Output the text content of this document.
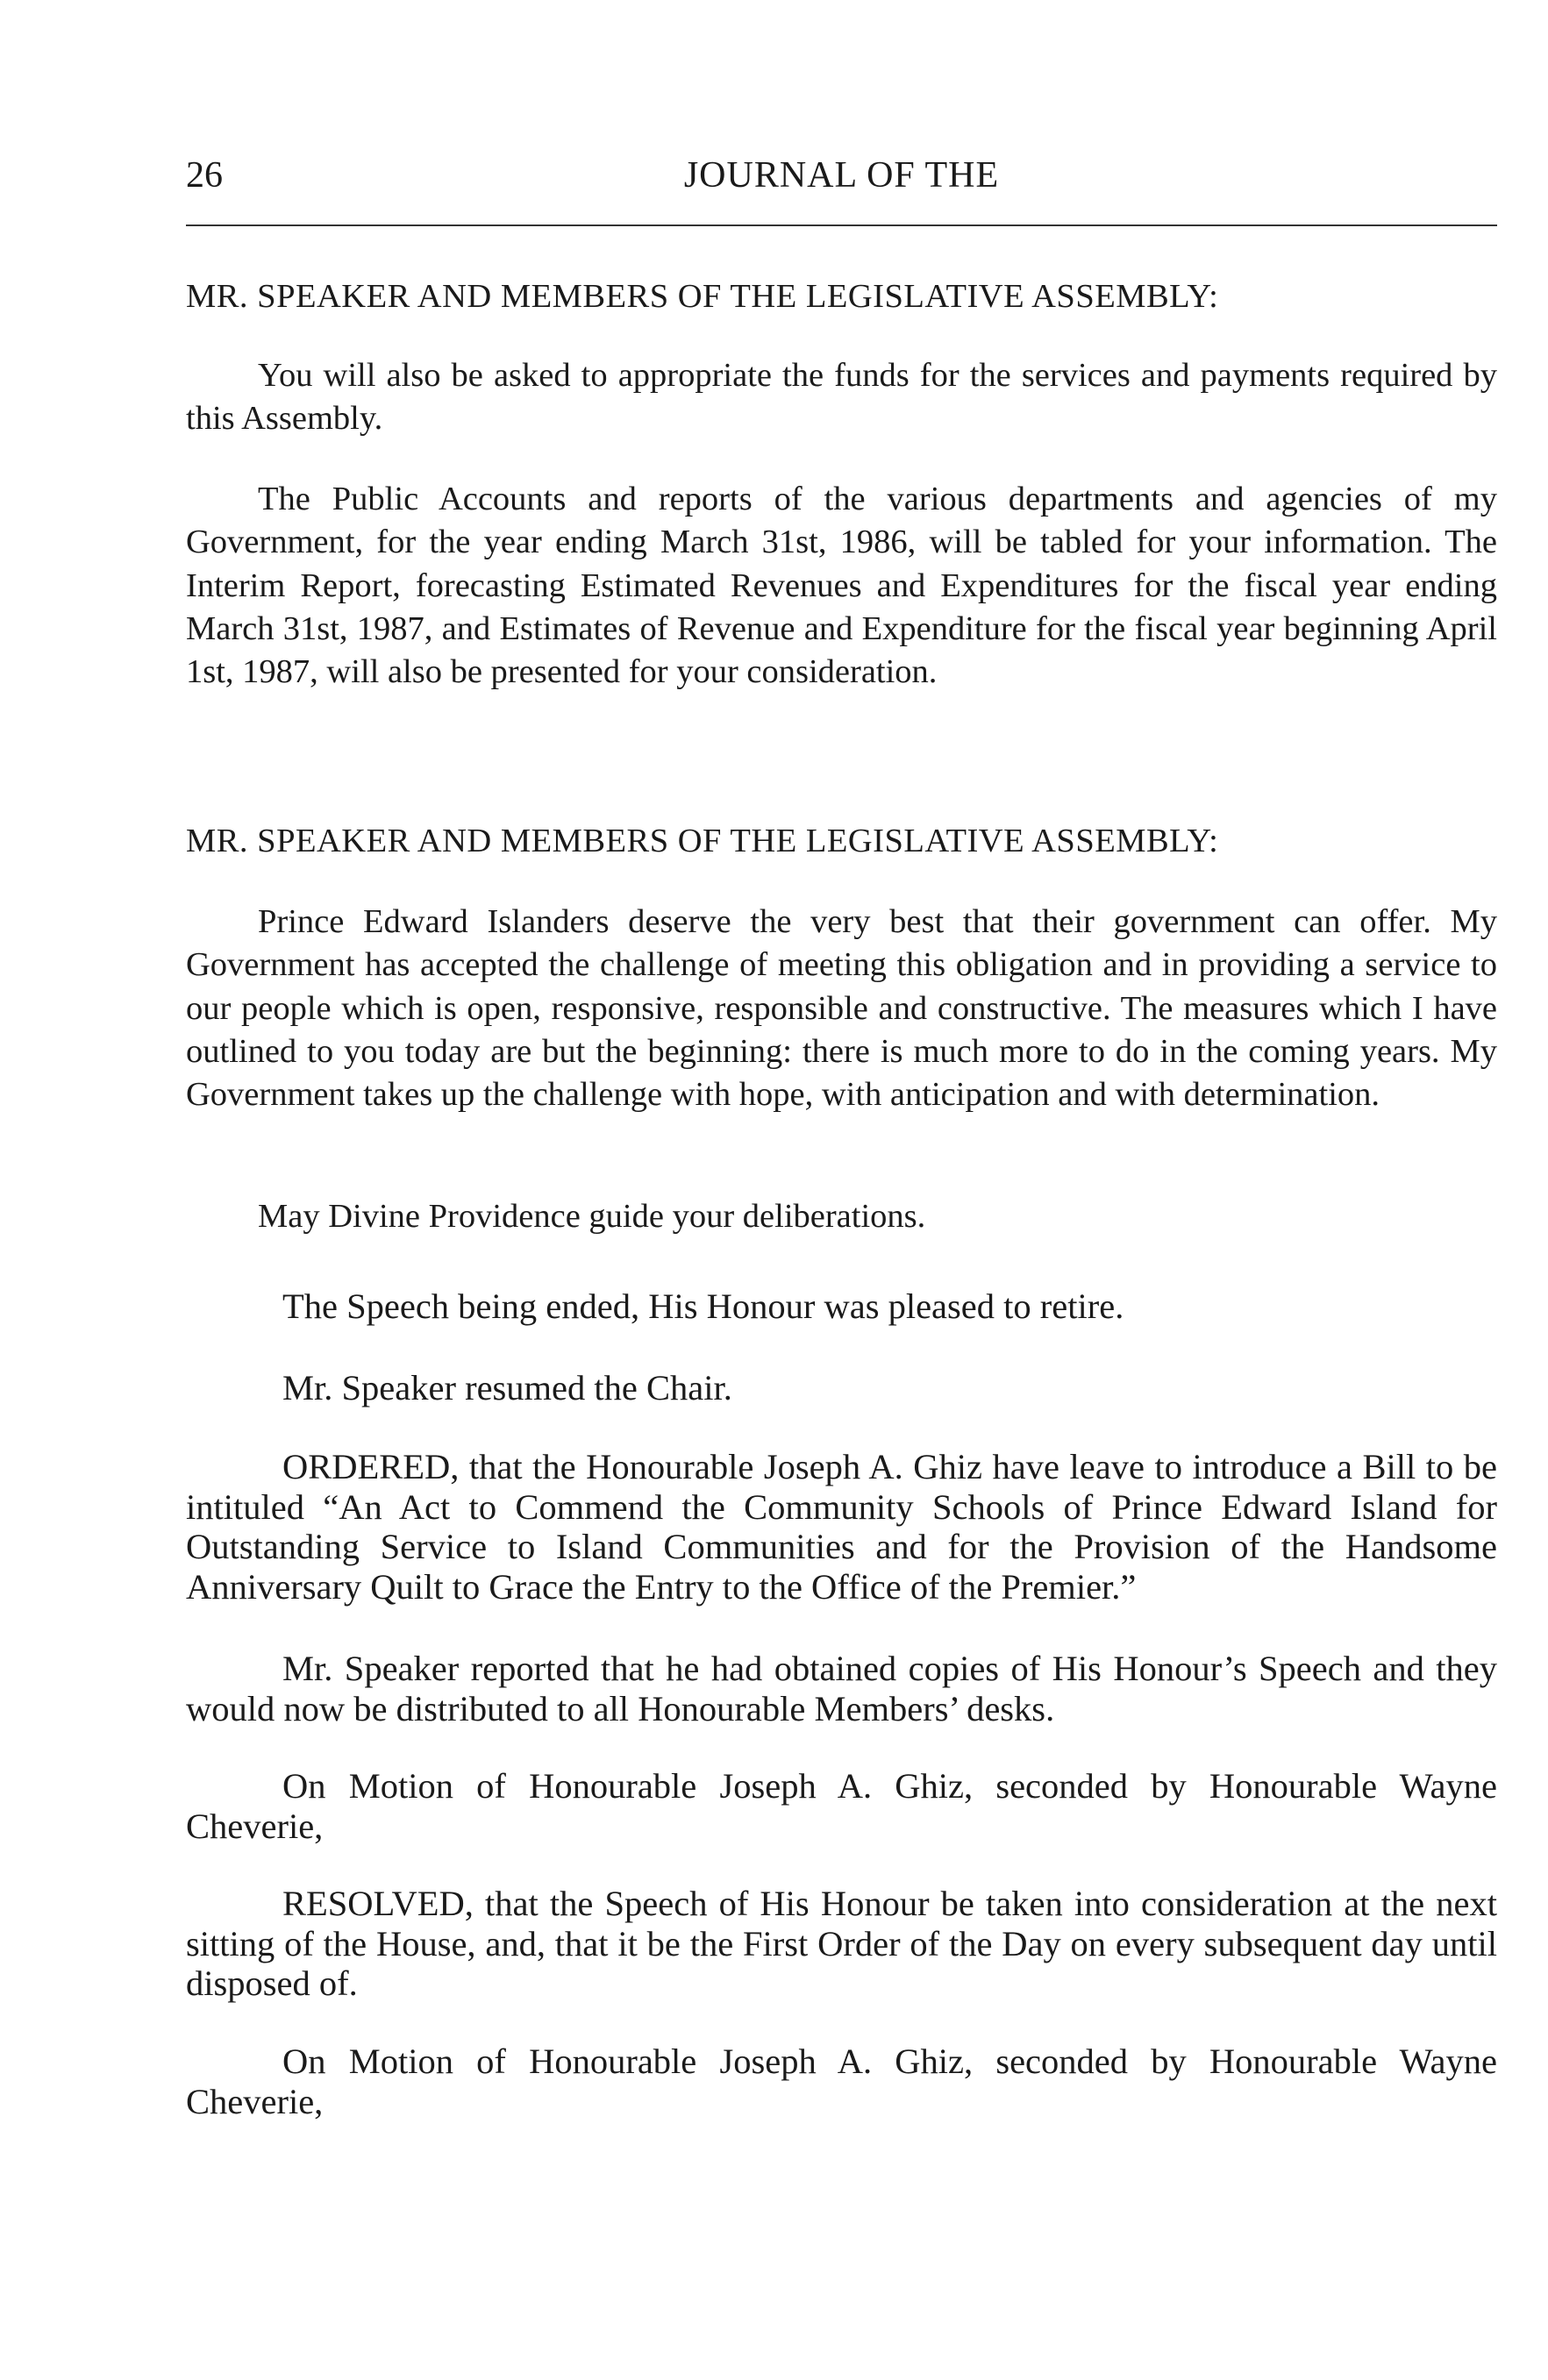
26	JOURNAL OF THE
MR. SPEAKER AND MEMBERS OF THE LEGISLATIVE ASSEMBLY:

You will also be asked to appropriate the funds for the services and payments required by this Assembly.

The Public Accounts and reports of the various departments and agencies of my Government, for the year ending March 31st, 1986, will be tabled for your information. The Interim Report, forecasting Estimated Revenues and Expenditures for the fiscal year ending March 31st, 1987, and Estimates of Revenue and Expenditure for the fiscal year beginning April 1st, 1987, will also be presented for your consideration.

MR. SPEAKER AND MEMBERS OF THE LEGISLATIVE ASSEMBLY:

Prince Edward Islanders deserve the very best that their government can offer. My Government has accepted the challenge of meeting this obligation and in providing a service to our people which is open, responsive, responsible and constructive. The measures which I have outlined to you today are but the beginning: there is much more to do in the coming years. My Government takes up the challenge with hope, with anticipation and with determination.

May Divine Providence guide your deliberations.

The Speech being ended, His Honour was pleased to retire.

Mr. Speaker resumed the Chair.

ORDERED, that the Honourable Joseph A. Ghiz have leave to introduce a Bill to be intituled “An Act to Commend the Community Schools of Prince Edward Island for Outstanding Service to Island Communities and for the Provision of the Handsome Anniversary Quilt to Grace the Entry to the Office of the Premier.”

Mr. Speaker reported that he had obtained copies of His Honour’s Speech and they would now be distributed to all Honourable Members’ desks.

On Motion of Honourable Joseph A. Ghiz, seconded by Honourable Wayne Cheverie,

RESOLVED, that the Speech of His Honour be taken into consideration at the next sitting of the House, and, that it be the First Order of the Day on every subsequent day until disposed of.

On Motion of Honourable Joseph A. Ghiz, seconded by Honourable Wayne Cheverie,
